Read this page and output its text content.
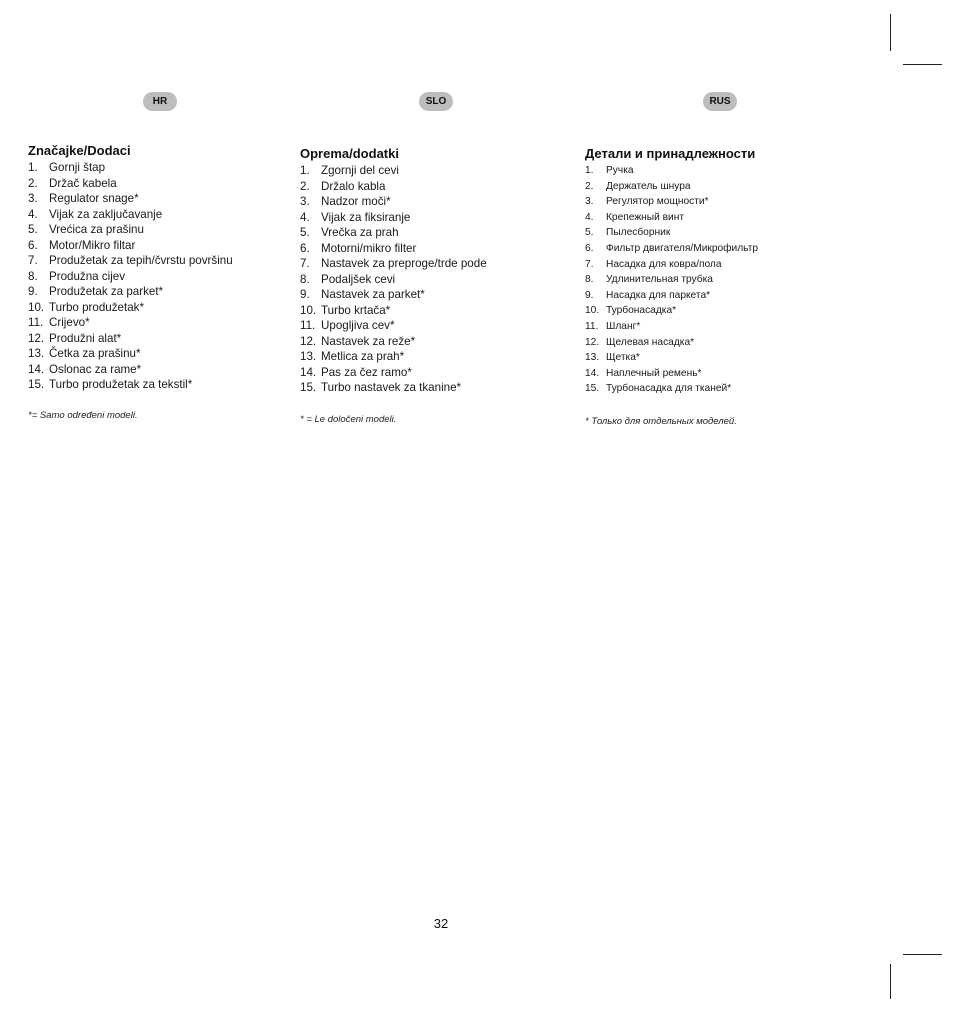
HR	SLO	RUS
Značajke/Dodaci
1. Gornji štap
2. Držač kabela
3. Regulator snage*
4. Vijak za zaključavanje
5. Vrećica za prašinu
6. Motor/Mikro filtar
7. Produžetak za tepih/čvrstu površinu
8. Produžna cijev
9. Produžetak za parket*
10. Turbo produžetak*
11. Crijevo*
12. Produžni alat*
13. Četka za prašinu*
14. Oslonac za rame*
15. Turbo produžetak za tekstil*
*= Samo određeni modeli.
Oprema/dodatki
1. Zgornji del cevi
2. Držalo kabla
3. Nadzor moči*
4. Vijak za fiksiranje
5. Vrečka za prah
6. Motorni/mikro filter
7. Nastavek za preproge/trde pode
8. Podaljšek cevi
9. Nastavek za parket*
10. Turbo krtača*
11. Upogljiva cev*
12. Nastavek za reže*
13. Metlica za prah*
14. Pas za čez ramo*
15. Turbo nastavek za tkanine*
* = Le določeni modeli.
Детали и принадлежности
1.	Ручка
2.	Держатель шнура
3.	Регулятор мощности*
4.	Крепежный винт
5.	Пылесборник
6.	Фильтр двигателя/Микрофильтр
7.	Насадка для ковра/пола
8.	Удлинительная трубка
9.	Насадка для паркета*
10. Турбонасадка*
11. Шланг*
12. Щелевая насадка*
13. Щетка*
14. Наплечный ремень*
15. Турбонасадка для тканей*
* Только для отдельных моделей.
32
